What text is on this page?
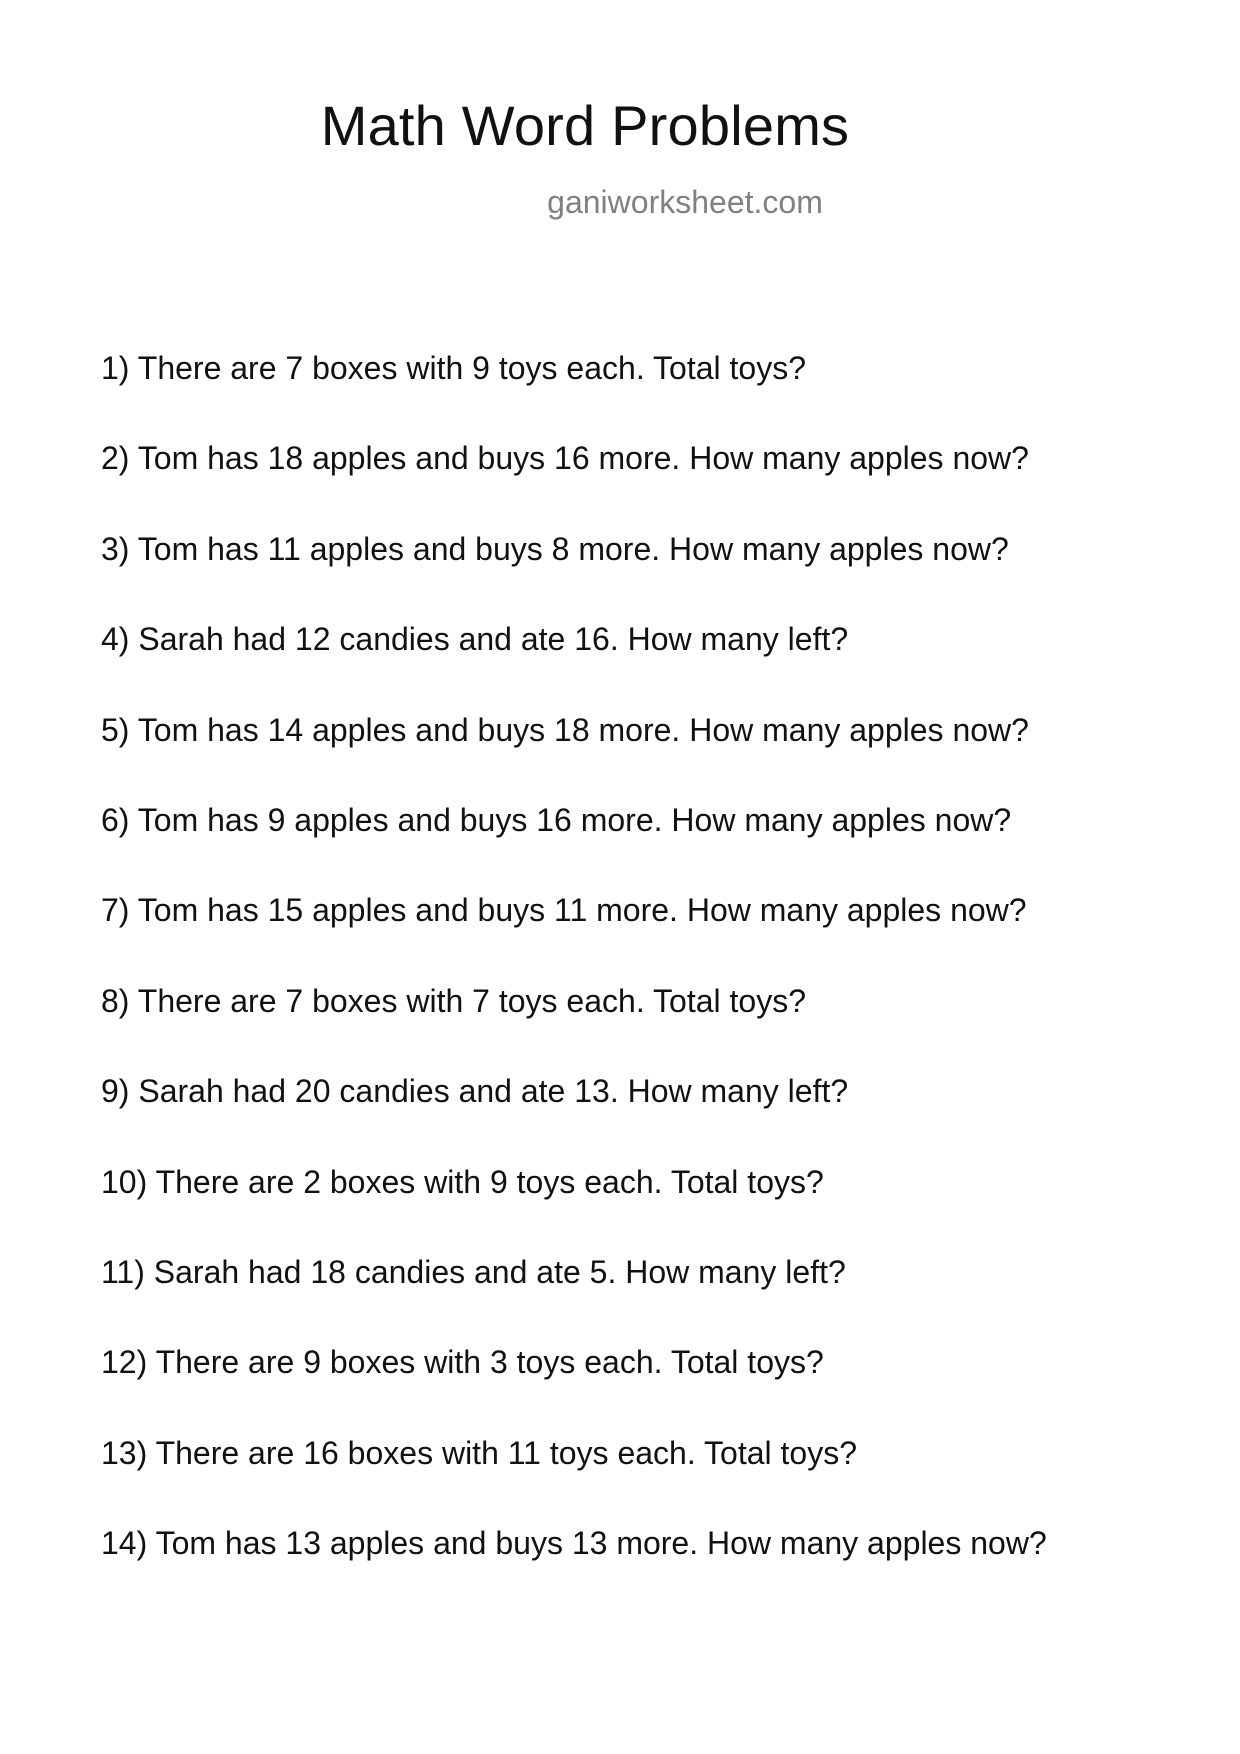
Math Word Problems
ganiworksheet.com
1) There are 7 boxes with 9 toys each. Total toys?
2) Tom has 18 apples and buys 16 more. How many apples now?
3) Tom has 11 apples and buys 8 more. How many apples now?
4) Sarah had 12 candies and ate 16. How many left?
5) Tom has 14 apples and buys 18 more. How many apples now?
6) Tom has 9 apples and buys 16 more. How many apples now?
7) Tom has 15 apples and buys 11 more. How many apples now?
8) There are 7 boxes with 7 toys each. Total toys?
9) Sarah had 20 candies and ate 13. How many left?
10) There are 2 boxes with 9 toys each. Total toys?
11) Sarah had 18 candies and ate 5. How many left?
12) There are 9 boxes with 3 toys each. Total toys?
13) There are 16 boxes with 11 toys each. Total toys?
14) Tom has 13 apples and buys 13 more. How many apples now?
